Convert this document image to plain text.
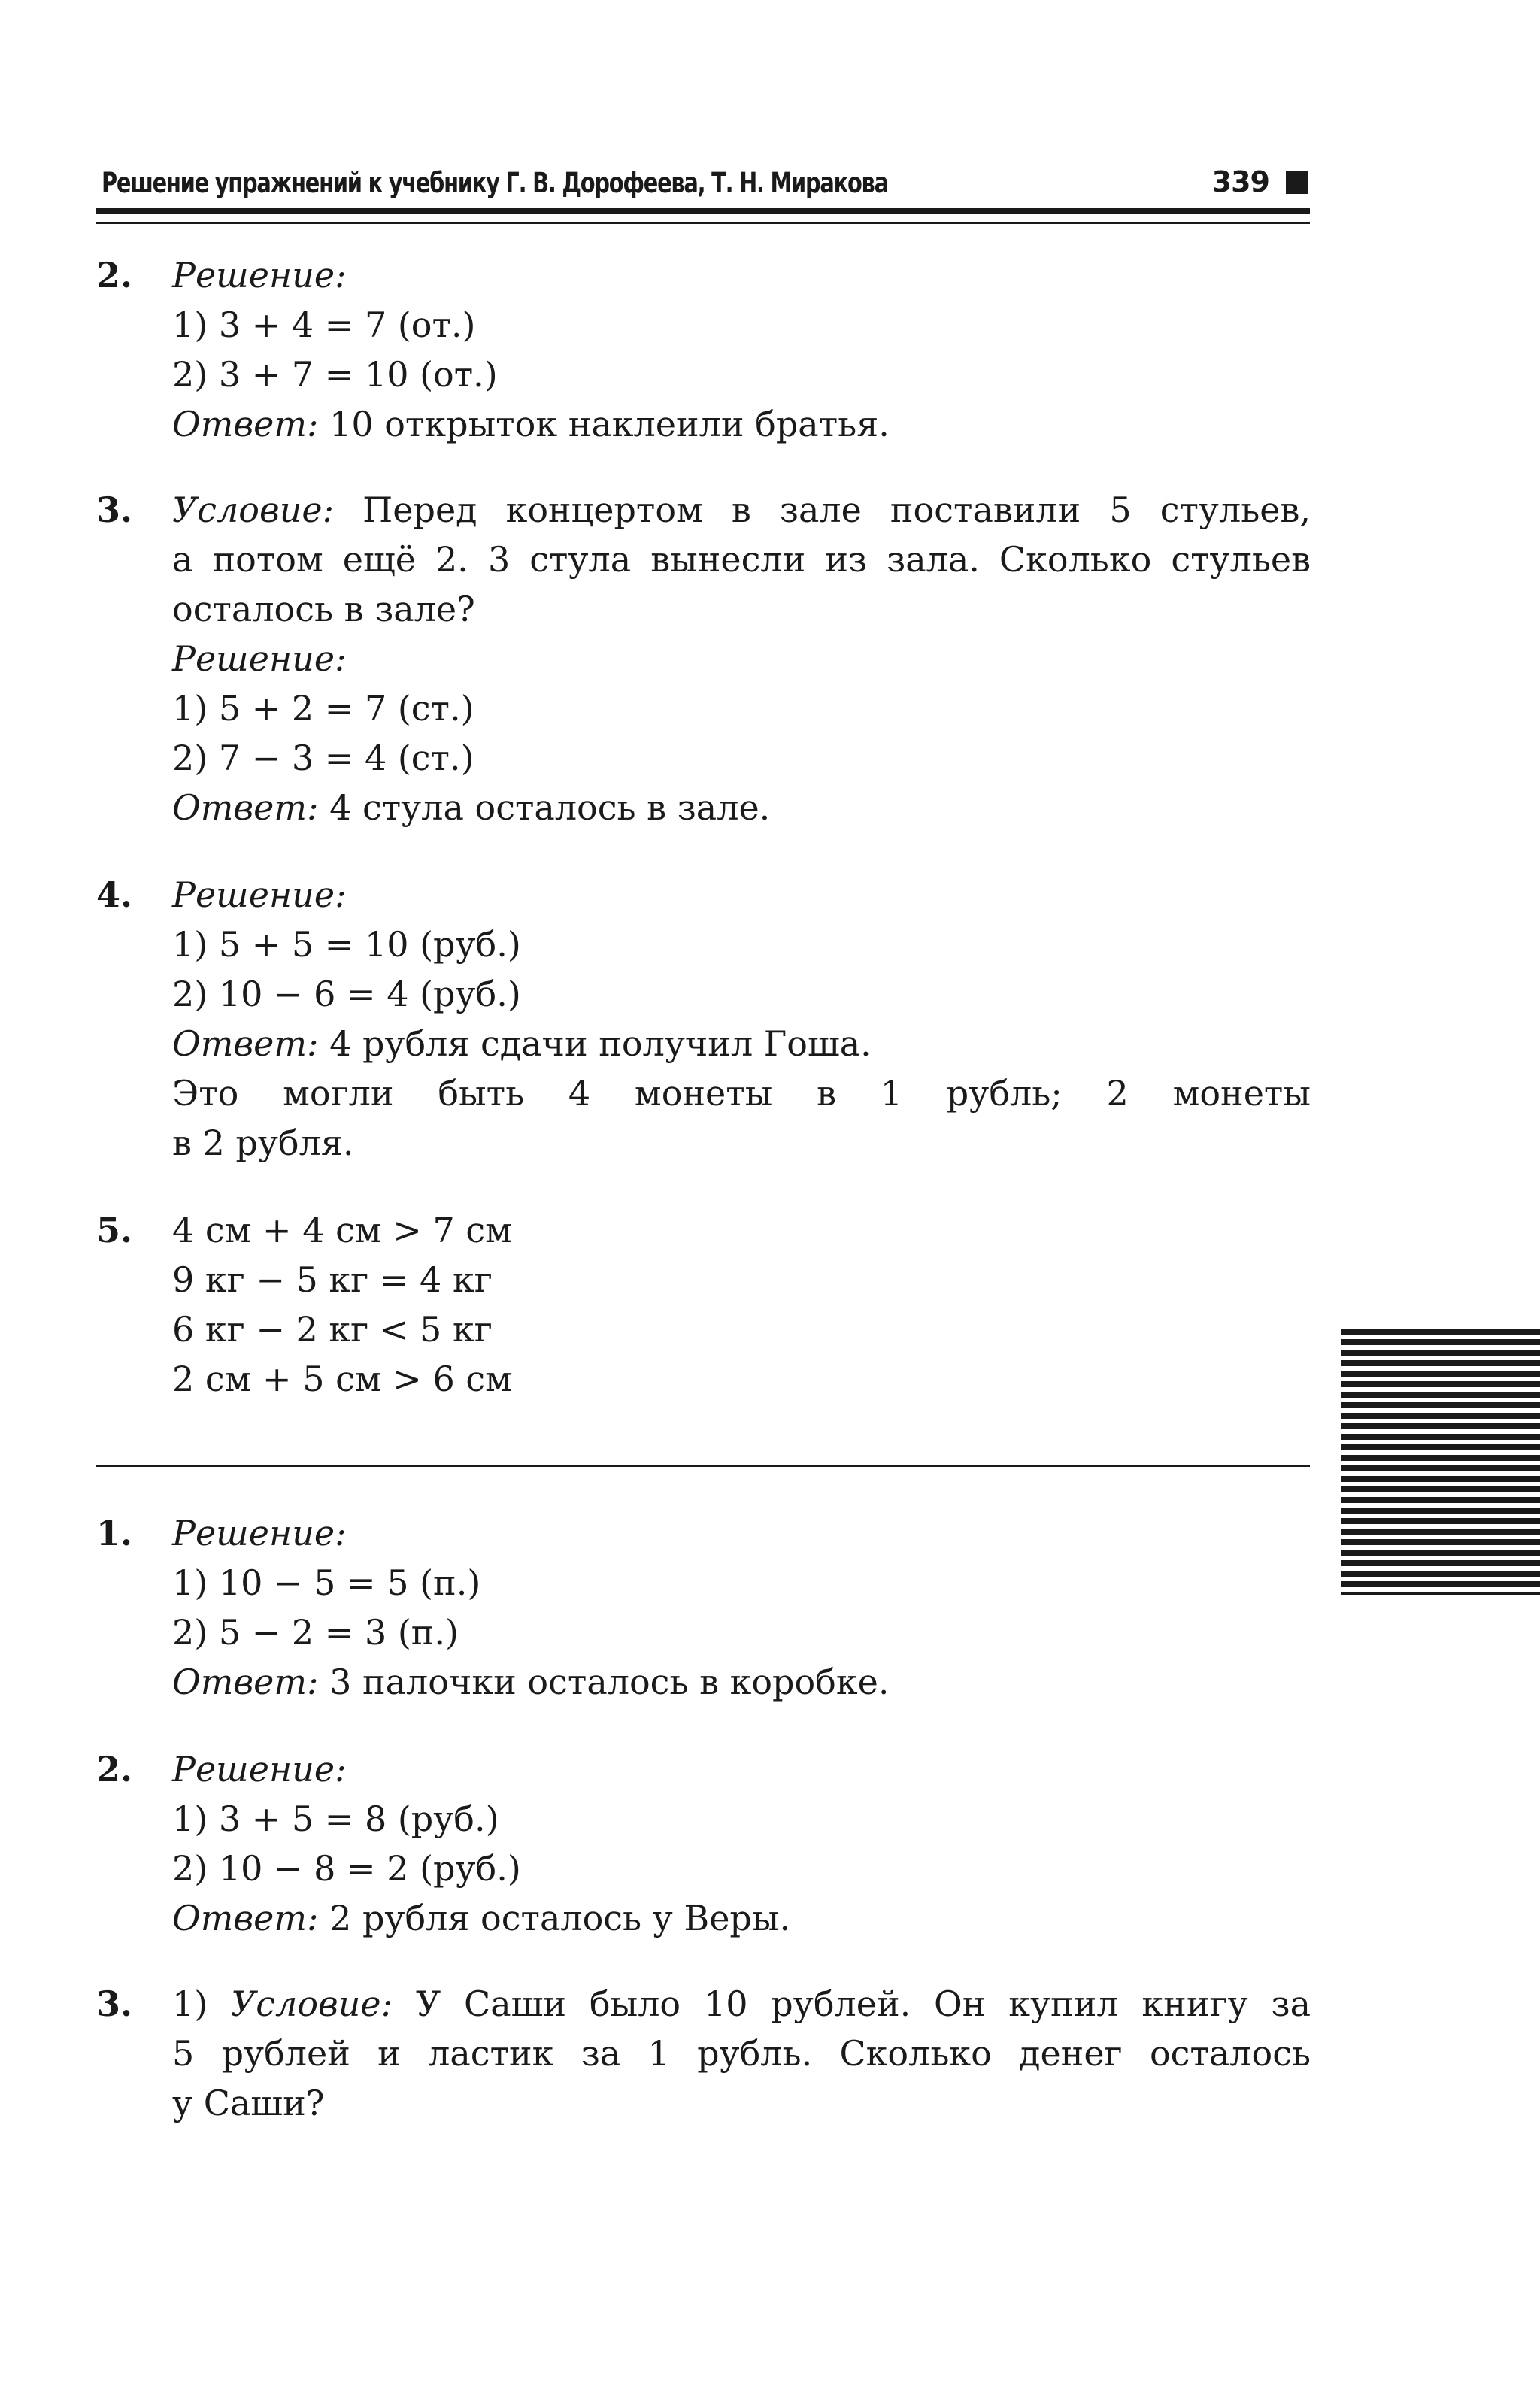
Решение упражнений к учебнику Г. В. Дорофеева, Т. Н. Миракова	339
2. Решение:
1) 3 + 4 = 7 (от.)
2) 3 + 7 = 10 (от.)
Ответ: 10 открыток наклеили братья.
3. Условие: Перед концертом в зале поставили 5 стульев,
а потом ещё 2. 3 стула вынесли из зала. Сколько стульев
осталось в зале?
Решение:
1) 5 + 2 = 7 (ст.)
2) 7 − 3 = 4 (ст.)
Ответ: 4 стула осталось в зале.
4. Решение:
1) 5 + 5 = 10 (руб.)
2) 10 − 6 = 4 (руб.)
Ответ: 4 рубля сдачи получил Гоша.
Это могли быть 4 монеты в 1 рубль; 2 монеты
в 2 рубля.
5. 4 см + 4 см > 7 см
9 кг − 5 кг = 4 кг
6 кг − 2 кг < 5 кг
2 см + 5 см > 6 см
1. Решение:
1) 10 − 5 = 5 (п.)
2) 5 − 2 = 3 (п.)
Ответ: 3 палочки осталось в коробке.
2. Решение:
1) 3 + 5 = 8 (руб.)
2) 10 − 8 = 2 (руб.)
Ответ: 2 рубля осталось у Веры.
3. 1) Условие: У Саши было 10 рублей. Он купил книгу за
5 рублей и ластик за 1 рубль. Сколько денег осталось
у Саши?
